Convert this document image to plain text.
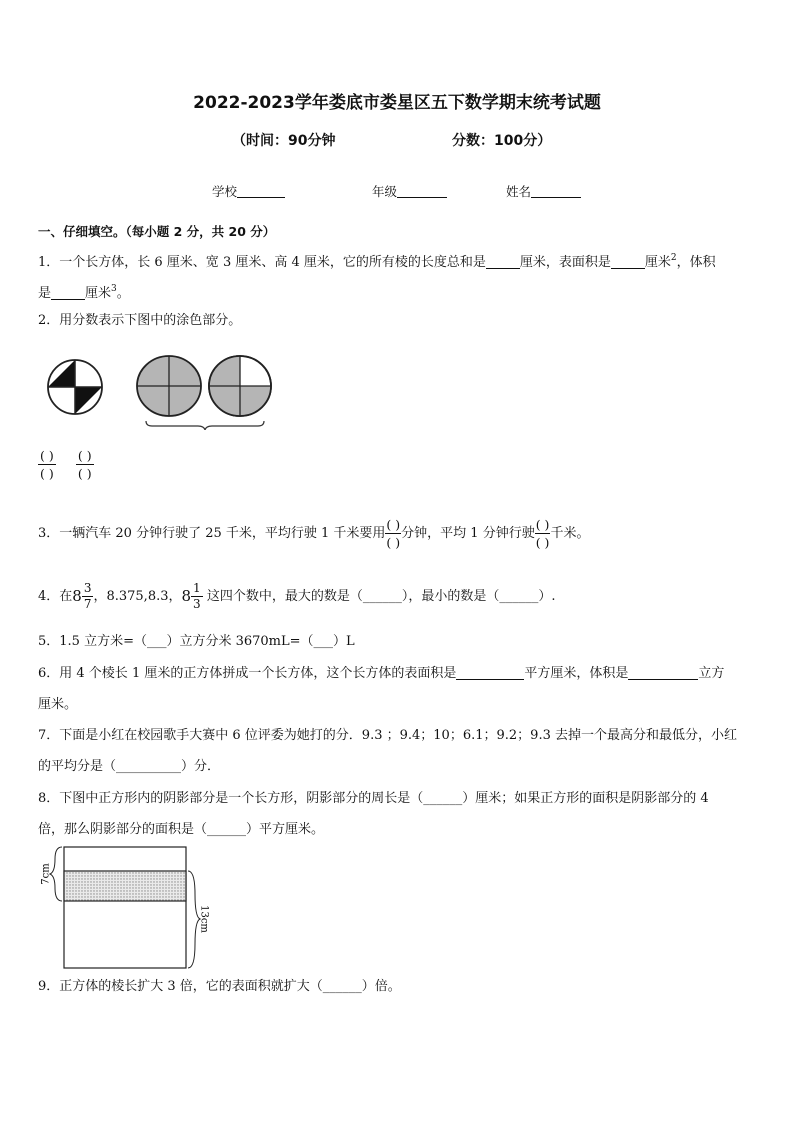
2022-2023学年娄底市娄星区五下数学期末统考试题
（时间：90分钟	分数：100分）
学校	年级	姓名
一、仔细填空。（每小题 2 分，共 20 分）
1．一个长方体，长 6 厘米、宽 3 厘米、高 4 厘米，它的所有棱的长度总和是	厘米，表面积是	厘米$^2$，体积
是	厘米$^3$。
2．用分数表示下图中的涂色部分。
$\frac{( )}{( )}$
$\frac{( )}{( )}$
3．一辆汽车 20 分钟行驶了 25 千米，平均行驶 1 千米要用 $\frac{( )}{( )}$ 分钟，平均 1 分钟行驶 $\frac{( )}{( )}$ 千米。
4．在$8 \frac{3}{7}$ ，8.375,8.3，$8 \frac{1}{3}$ 这四个数中，最大的数是（______），最小的数是（______）.
5．1.5 立方米=（___）立方分米 3670mL=（___）L
6．用 4 个棱长 1 厘米的正方体拼成一个长方体，这个长方体的表面积是	平方厘米，体积是	立方
厘米。
7．下面是小红在校园歌手大赛中 6 位评委为她打的分．9.3 ；9.4；10；6.1；9.2；9.3 去掉一个最高分和最低分，小红
的平均分是（__________）分．
8．下图中正方形内的阴影部分是一个长方形，阴影部分的周长是（______）厘米；如果正方形的面积是阴影部分的 4
倍，那么阴影部分的面积是（______）平方厘米。
7cm
13cm
9．正方体的棱长扩大 3 倍，它的表面积就扩大（______）倍。
